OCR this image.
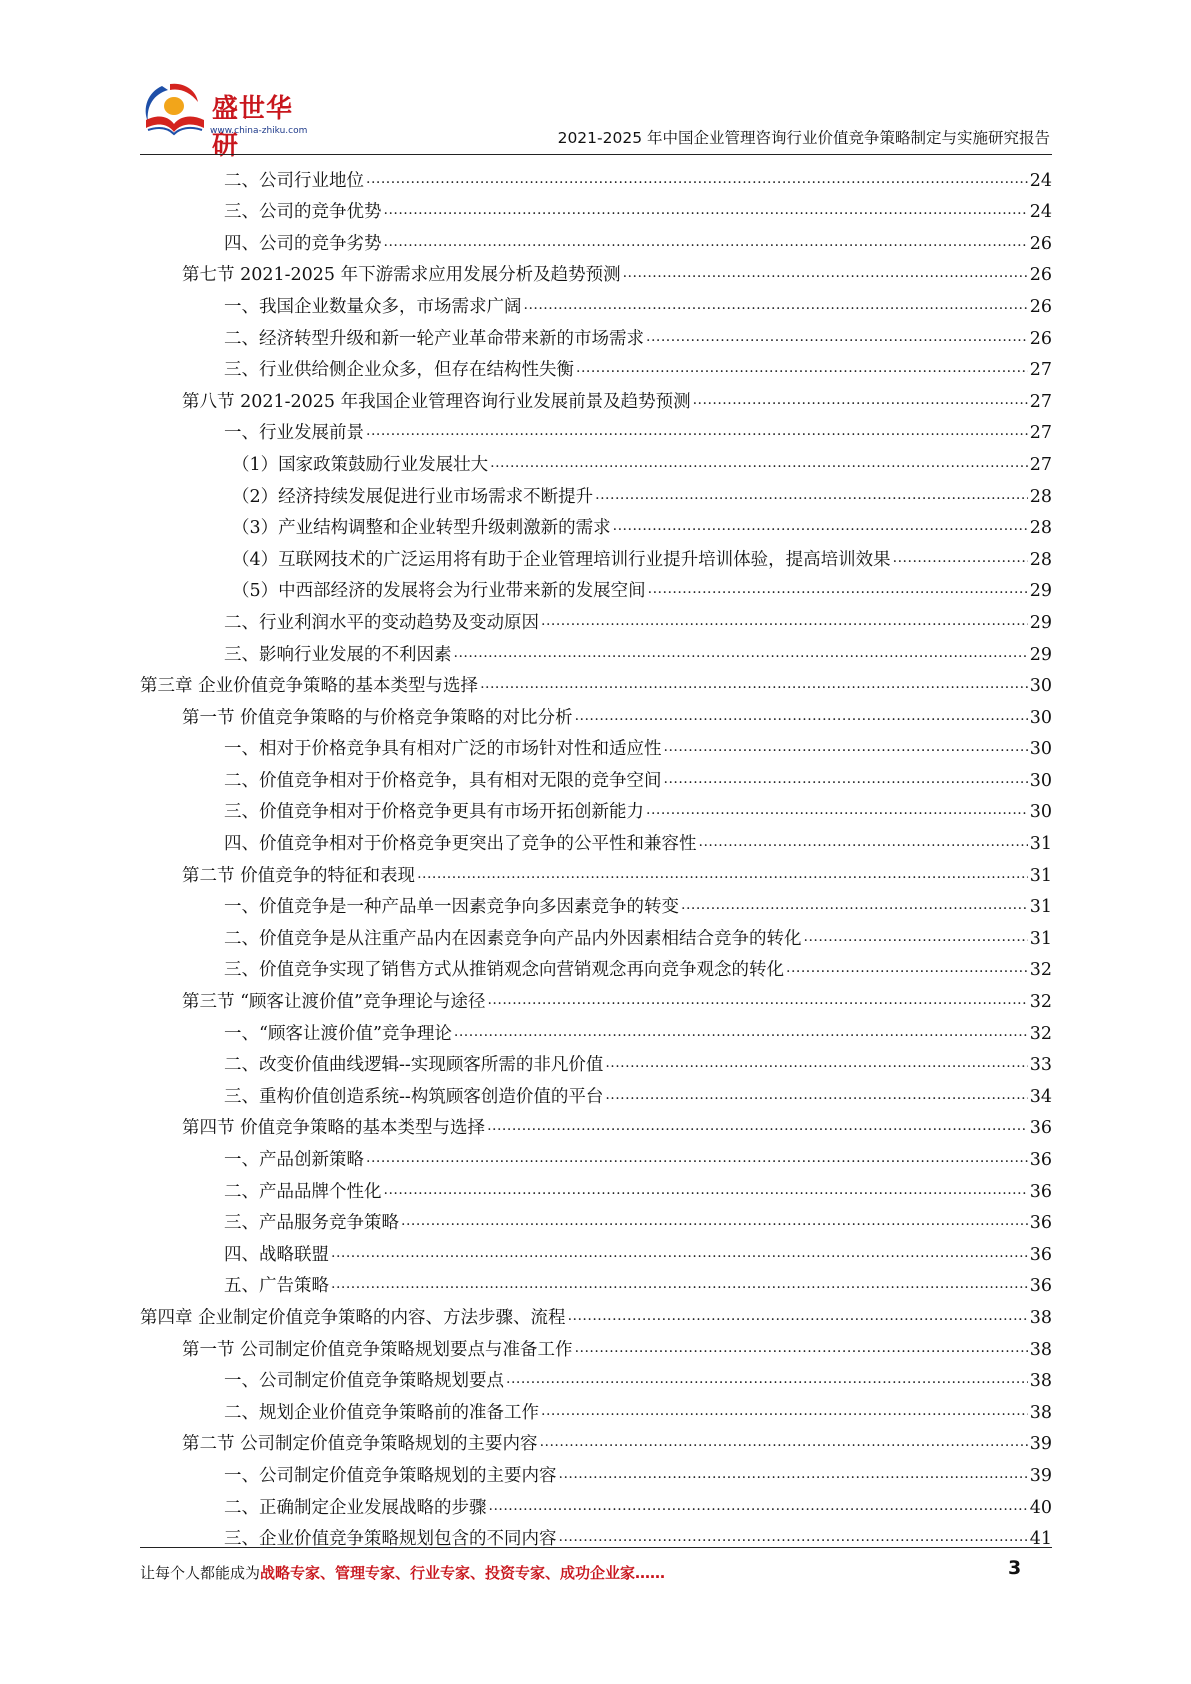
盛世华研
www.china-zhiku.com	2021-2025 年中国企业管理咨询行业价值竞争策略制定与实施研究报告
二、公司行业地位 .....	24
三、公司的竞争优势 .....	24
四、公司的竞争劣势 .....	26
第七节 2021-2025 年下游需求应用发展分析及趋势预测 .....	26
一、我国企业数量众多，市场需求广阔 .....	26
二、经济转型升级和新一轮产业革命带来新的市场需求 .....	26
三、行业供给侧企业众多，但存在结构性失衡 .....	27
第八节 2021-2025 年我国企业管理咨询行业发展前景及趋势预测 .....	27
一、行业发展前景 .....	27
（1）国家政策鼓励行业发展壮大 .....	27
（2）经济持续发展促进行业市场需求不断提升 .....	28
（3）产业结构调整和企业转型升级刺激新的需求 .....	28
（4）互联网技术的广泛运用将有助于企业管理培训行业提升培训体验，提高培训效果 .....	28
（5）中西部经济的发展将会为行业带来新的发展空间 .....	29
二、行业利润水平的变动趋势及变动原因 .....	29
三、影响行业发展的不利因素 .....	29
第三章 企业价值竞争策略的基本类型与选择 .....	30
第一节 价值竞争策略的与价格竞争策略的对比分析 .....	30
一、相对于价格竞争具有相对广泛的市场针对性和适应性 .....	30
二、价值竞争相对于价格竞争，具有相对无限的竞争空间 .....	30
三、价值竞争相对于价格竞争更具有市场开拓创新能力 .....	30
四、价值竞争相对于价格竞争更突出了竞争的公平性和兼容性 .....	31
第二节 价值竞争的特征和表现 .....	31
一、价值竞争是一种产品单一因素竞争向多因素竞争的转变 .....	31
二、价值竞争是从注重产品内在因素竞争向产品内外因素相结合竞争的转化 .....	31
三、价值竞争实现了销售方式从推销观念向营销观念再向竞争观念的转化 .....	32
第三节 “顾客让渡价值”竞争理论与途径 .....	32
一、“顾客让渡价值”竞争理论 .....	32
二、改变价值曲线逻辑--实现顾客所需的非凡价值 .....	33
三、重构价值创造系统--构筑顾客创造价值的平台 .....	34
第四节 价值竞争策略的基本类型与选择 .....	36
一、产品创新策略 .....	36
二、产品品牌个性化 .....	36
三、产品服务竞争策略 .....	36
四、战略联盟 .....	36
五、广告策略 .....	36
第四章 企业制定价值竞争策略的内容、方法步骤、流程 .....	38
第一节 公司制定价值竞争策略规划要点与准备工作 .....	38
一、公司制定价值竞争策略规划要点 .....	38
二、规划企业价值竞争策略前的准备工作 .....	38
第二节 公司制定价值竞争策略规划的主要内容 .....	39
一、公司制定价值竞争策略规划的主要内容 .....	39
二、正确制定企业发展战略的步骤 .....	40
三、企业价值竞争策略规划包含的不同内容 .....	41
让每个人都能成为战略专家、管理专家、行业专家、投资专家、成功企业家……	3
